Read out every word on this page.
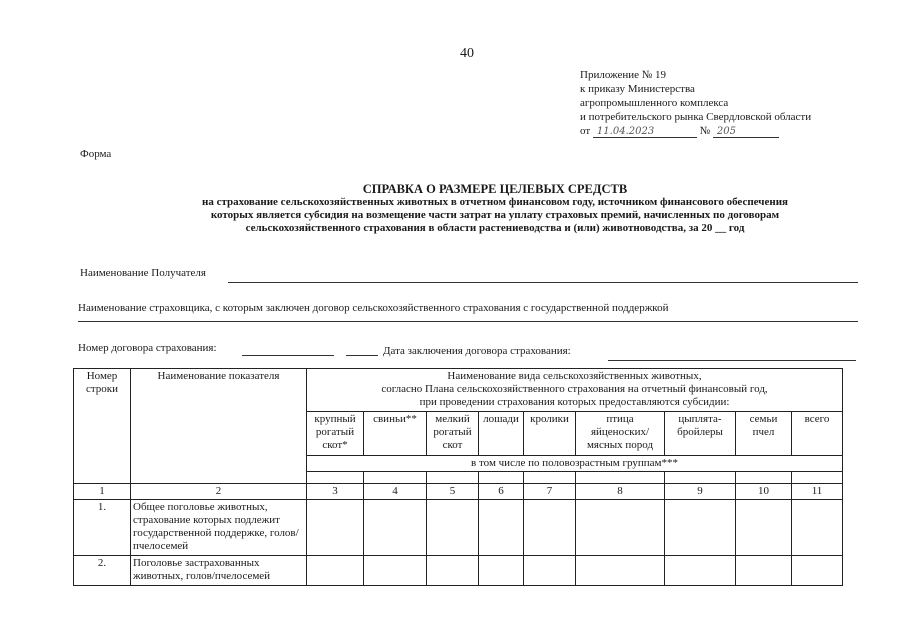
40
Приложение № 19
к приказу Министерства
агропромышленного комплекса
и потребительского рынка Свердловской области
от 11.04.2023	№ 205
Форма
СПРАВКА О РАЗМЕРЕ ЦЕЛЕВЫХ СРЕДСТВ
на страхование сельскохозяйственных животных в отчетном финансовом году, источником финансового обеспечения
которых является субсидия на возмещение части затрат на уплату страховых премий, начисленных по договорам
сельскохозяйственного страхования в области растениеводства и (или) животноводства, за 20 __ год
Наименование Получателя
Наименование страховщика, с которым заключен договор сельскохозяйственного страхования с государственной поддержкой
Номер договора страхования:	Дата заключения договора страхования:
Номер строки	Наименование показателя	Наименование вида сельскохозяйственных животных,
согласно Плана сельскохозяйственного страхования на отчетный финансовый год,
при проведении страхования которых предоставляются субсидии:								

		крупный рогатый скот*	свиньи**	мелкий рогатый скот	лошади	кролики	птица яйценоских/ мясных пород	цыплята-бройлеры	семьи пчел	всего
		в том числе по половозрастным группам***								

1	2	3	4	5	6	7	8	9	10	11
1.	Общее поголовье животных, страхование которых подлежит государственной поддержке, голов/пчелосемей									
2.	Поголовье застрахованных животных, голов/пчелосемей									
